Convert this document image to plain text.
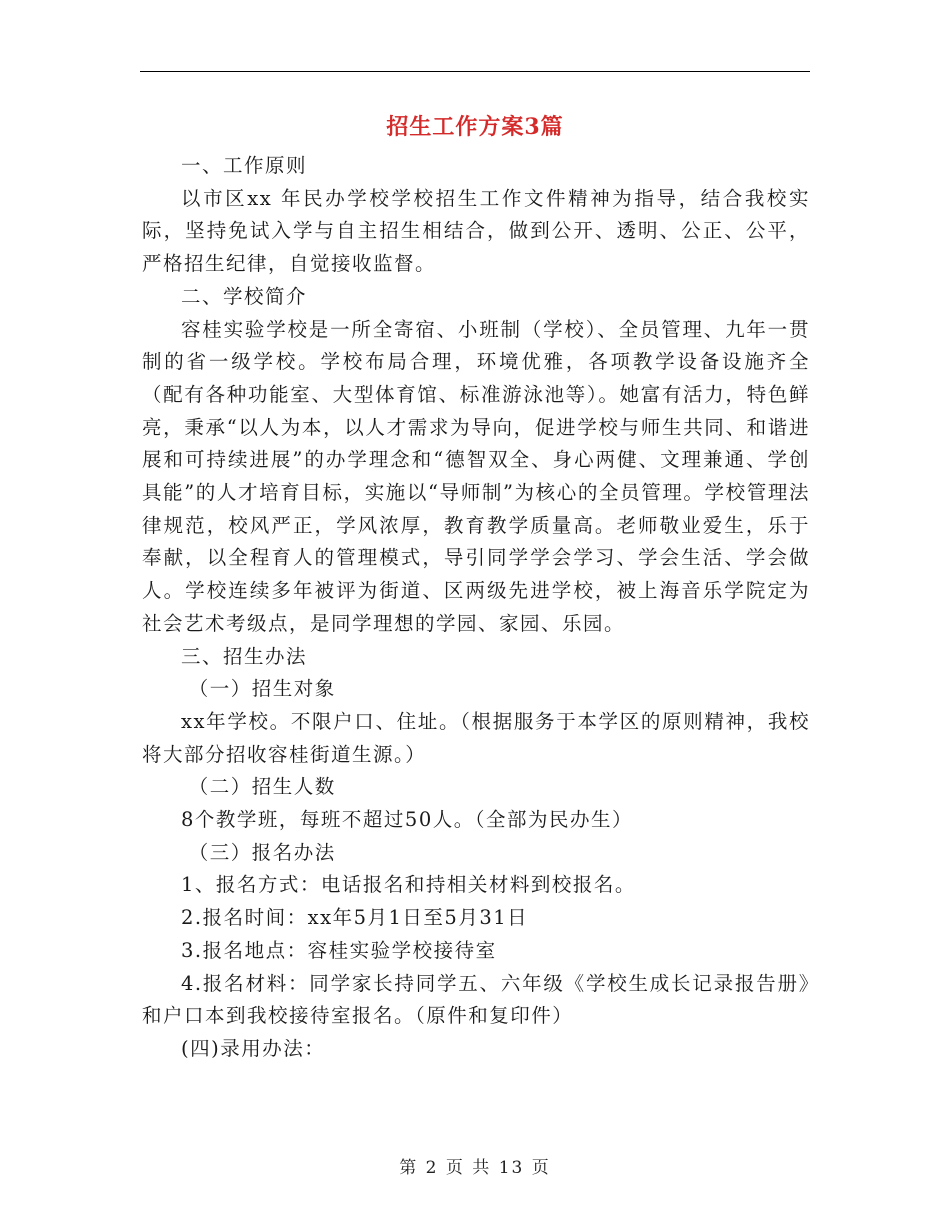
招生工作方案3篇

一、工作原则

以市区xx 年民办学校学校招生工作文件精神为指导，结合我校实际，坚持免试入学与自主招生相结合，做到公开、透明、公正、公平，严格招生纪律，自觉接收监督。

二、学校简介

容桂实验学校是一所全寄宿、小班制（学校）、全员管理、九年一贯制的省一级学校。学校布局合理，环境优雅，各项教学设备设施齐全（配有各种功能室、大型体育馆、标准游泳池等）。她富有活力，特色鲜亮，秉承“以人为本，以人才需求为导向，促进学校与师生共同、和谐进展和可持续进展”的办学理念和“德智双全、身心两健、文理兼通、学创具能”的人才培育目标，实施以“导师制”为核心的全员管理。学校管理法律规范，校风严正，学风浓厚，教育教学质量高。老师敬业爱生，乐于奉献，以全程育人的管理模式，导引同学学会学习、学会生活、学会做人。学校连续多年被评为街道、区两级先进学校，被上海音乐学院定为社会艺术考级点，是同学理想的学园、家园、乐园。

三、招生办法

（一）招生对象

xx年学校。不限户口、住址。（根据服务于本学区的原则精神，我校将大部分招收容桂街道生源。）

（二）招生人数

8个教学班，每班不超过50人。（全部为民办生）

（三）报名办法

1、报名方式：电话报名和持相关材料到校报名。

2.报名时间：xx年5月1日至5月31日

3.报名地点：容桂实验学校接待室

4.报名材料：同学家长持同学五、六年级《学校生成长记录报告册》和户口本到我校接待室报名。（原件和复印件）

(四)录用办法：

第 2 页 共 13 页
